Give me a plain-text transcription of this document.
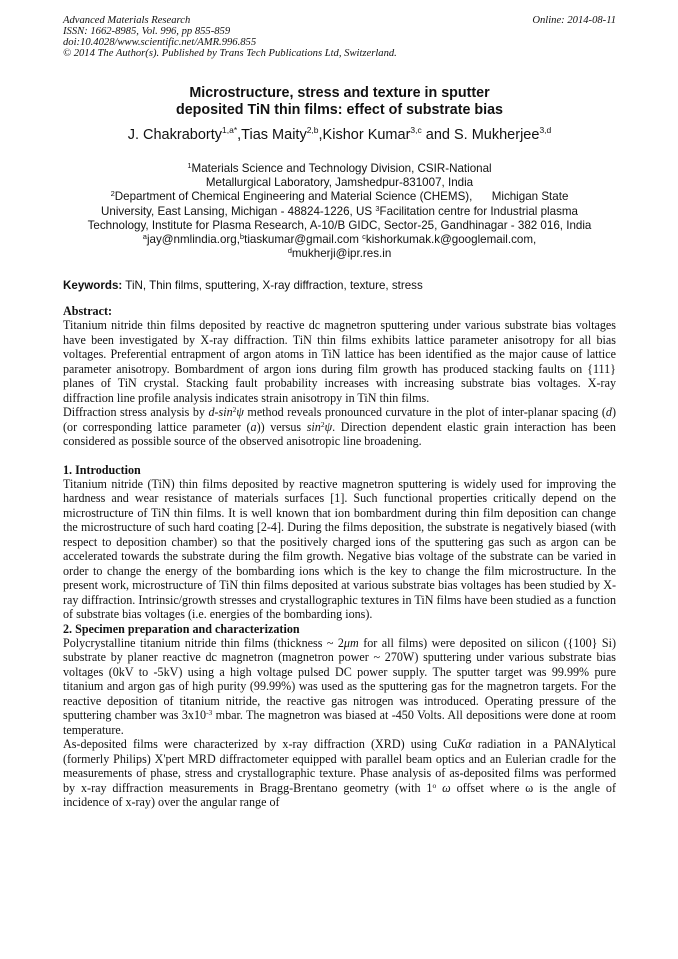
Advanced Materials Research	Online: 2014-08-11
ISSN: 1662-8985, Vol. 996, pp 855-859
doi:10.4028/www.scientific.net/AMR.996.855
© 2014 The Author(s). Published by Trans Tech Publications Ltd, Switzerland.
Microstructure, stress and texture in sputter
deposited TiN thin films: effect of substrate bias
J. Chakraborty$^{1,a*}$,Tias Maity$^{2,b}$,Kishor Kumar$^{3,c}$ and S. Mukherjee$^{3,d}$
$^1$Materials Science and Technology Division, CSIR-National
Metallurgical Laboratory, Jamshedpur-831007, India
$^2$Department of Chemical Engineering and Material Science (CHEMS),      Michigan State
University, East Lansing, Michigan - 48824-1226, US $^3$Facilitation centre for Industrial plasma
Technology, Institute for Plasma Research, A-10/B GIDC, Sector-25, Gandhinagar - 382 016, India
$^a$jay@nmlindia.org,$^b$tiaskumar@gmail.com $^c$kishorkumak.k@googlemail.com,
$^d$mukherji@ipr.res.in
Keywords: TiN, Thin films, sputtering, X-ray diffraction, texture, stress
Abstract:

Titanium nitride thin films deposited by reactive dc magnetron sputtering under various substrate bias voltages have been investigated by X-ray diffraction. TiN thin films exhibits lattice parameter anisotropy for all bias voltages. Preferential entrapment of argon atoms in TiN lattice has been identified as the major cause of lattice parameter anisotropy. Bombardment of argon ions during film growth has produced stacking faults on {111} planes of TiN crystal. Stacking fault probability increases with increasing substrate bias voltages. X-ray diffraction line profile analysis indicates strain anisotropy in TiN thin films.

Diffraction stress analysis by $d-\sin^2\psi$ method reveals pronounced curvature in the plot of inter-planar spacing (d) (or corresponding lattice parameter (a)) versus $\sin^2\psi$. Direction dependent elastic grain interaction has been considered as possible source of the observed anisotropic line broadening.

1. Introduction

Titanium nitride (TiN) thin films deposited by reactive magnetron sputtering is widely used for improving the hardness and wear resistance of materials surfaces [1]. Such functional properties critically depend on the microstructure of TiN thin films. It is well known that ion bombardment during thin film deposition can change the microstructure of such hard coating [2-4]. During the films deposition, the substrate is negatively biased (with respect to deposition chamber) so that the positively charged ions of the sputtering gas such as argon can be accelerated towards the substrate during the film growth. Negative bias voltage of the substrate can be varied in order to change the energy of the bombarding ions which is the key to change the film microstructure. In the present work, microstructure of TiN thin films deposited at various substrate bias voltages has been studied by X-ray diffraction. Intrinsic/growth stresses and crystallographic textures in TiN films have been studied as a function of substrate bias voltages (i.e. energies of the bombarding ions).

2. Specimen preparation and characterization

Polycrystalline titanium nitride thin films (thickness ~ 2μm for all films) were deposited on silicon ({100} Si) substrate by planer reactive dc magnetron (magnetron power ~ 270W) sputtering under various substrate bias voltages (0kV to -5kV) using a high voltage pulsed DC power supply. The sputter target was 99.99% pure titanium and argon gas of high purity (99.99%) was used as the sputtering gas for the magnetron targets. For the reactive deposition of titanium nitride, the reactive gas nitrogen was introduced. Operating pressure of the sputtering chamber was $3x10^{-3}$ mbar. The magnetron was biased at -450 Volts. All depositions were done at room temperature.

As-deposited films were characterized by x-ray diffraction (XRD) using CuKα radiation in a PANAlytical (formerly Philips) X'pert MRD diffractometer equipped with parallel beam optics and an Eulerian cradle for the measurements of phase, stress and crystallographic texture. Phase analysis of as-deposited films was performed by x-ray diffraction measurements in Bragg-Brentano geometry (with 1$^o$ ω offset where ω is the angle of incidence of x-ray) over the angular range of
